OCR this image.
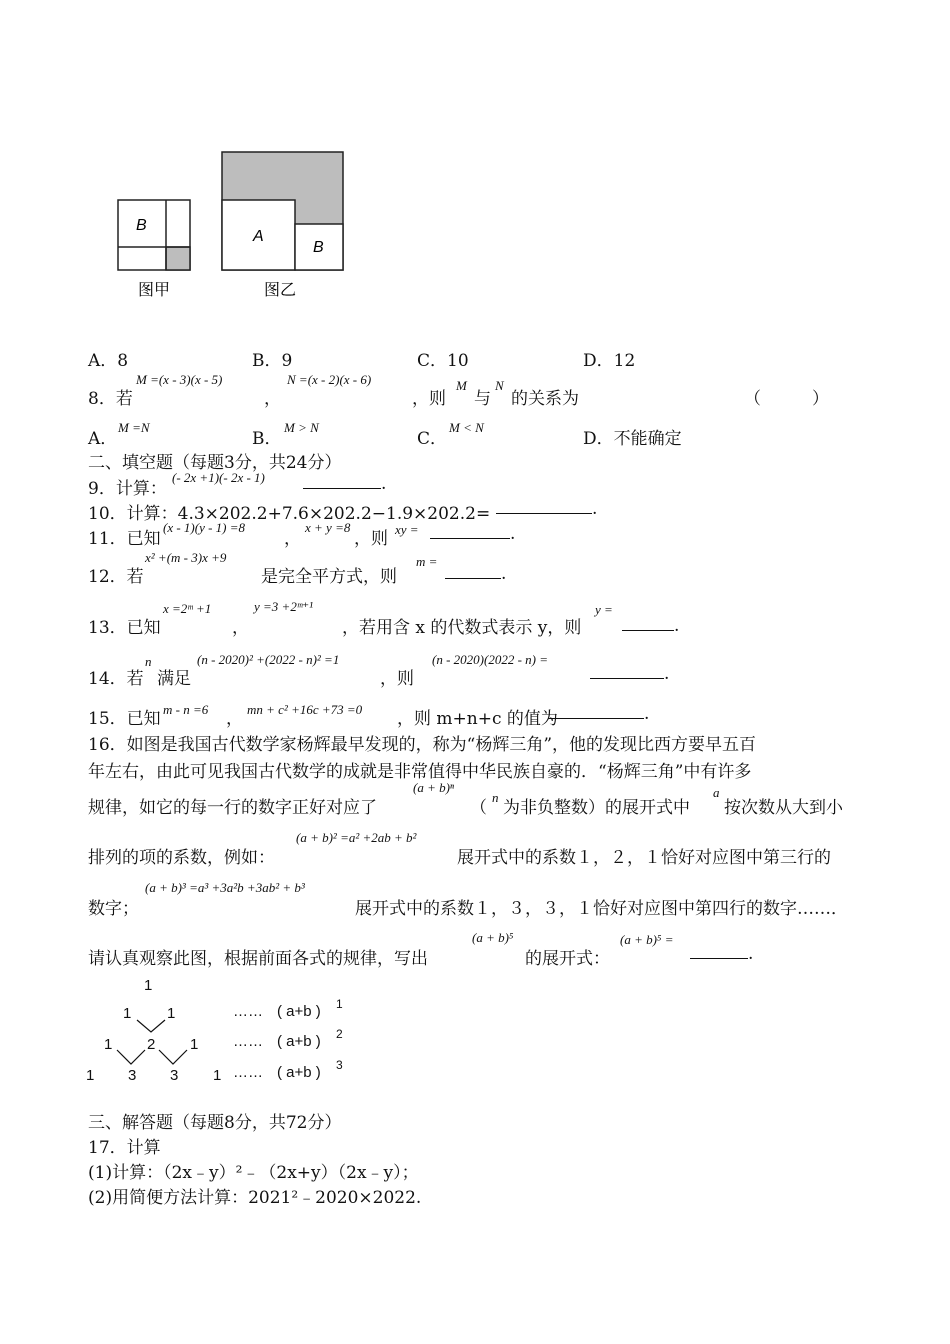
B
图甲
A
B
图乙
A．8	B．9	C．10	D．12
8．若
M =(x - 3)(x - 5)
，
N =(x - 2)(x - 6)
，则
M
与
N
的关系为	（　　　）
A．
M =N
B．
M > N
C．
M < N
D．不能确定
二、填空题（每题3分，共24分）
9．计算：
(- 2x +1)(- 2x - 1)	.
10．计算：4.3×202.2+7.6×202.2−1.9×202.2=	.
11．已知
(x - 1)(y - 1) =8
，
x + y =8
，则 xy =	.
12．若
x² +(m - 3)x +9
是完全平方式，则
m =
.
13．已知
x =2ᵐ +1
，
y =3 +2ᵐ⁺¹
，若用含 x 的代数式表示 y，则
y =
.
14．若
n
满足
(n - 2020)² +(2022 - n)² =1
，则
(n - 2020)(2022 - n) =
.
15．已知 m - n =6 ， mn + c² +16c +73 =0 ，则 m+n+c 的值为	.
16．如图是我国古代数学家杨辉最早发现的，称为“杨辉三角”，他的发现比西方要早五百
年左右，由此可见我国古代数学的成就是非常值得中华民族自豪的．“杨辉三角”中有许多
规律，如它的每一行的数字正好对应了
(a + b)ⁿ
（
n
为非负整数）的展开式中
a
按次数从大到小
排列的项的系数，例如：
(a + b)² =a² +2ab + b²
展开式中的系数１，２，１恰好对应图中第三行的
数字；
(a + b)³ =a³ +3a²b +3ab² + b³
展开式中的系数１，３，３，１恰好对应图中第四行的数字……．
请认真观察此图，根据前面各式的规律，写出
(a + b)⁵
的展开式：
(a + b)⁵ =
.
1
1 1
1 2 1
1 3 3 1
…… ( a+b ) 1
…… ( a+b ) 2
…… ( a+b ) 3
三、解答题（每题8分，共72分）
17．计算
(1)计算：（2x﹣y）²﹣（2x+y）（2x﹣y）；
(2)用简便方法计算：2021²﹣2020×2022.
